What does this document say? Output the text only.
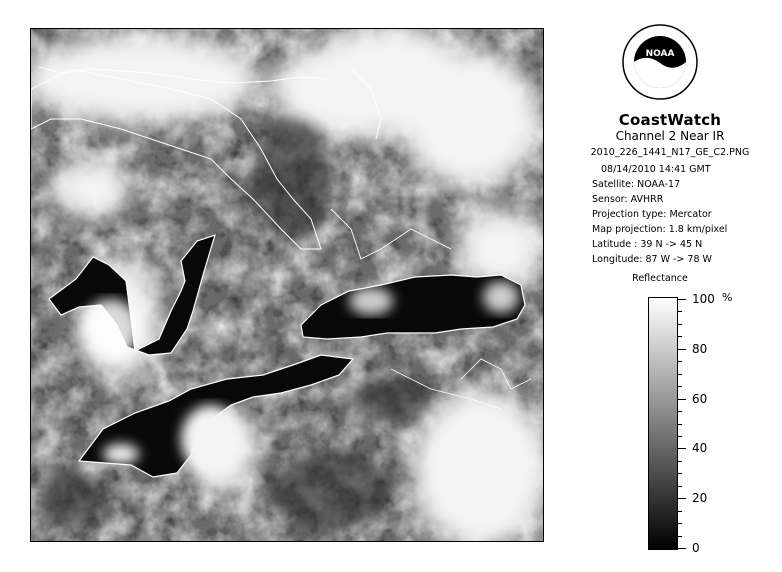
NOAA
CoastWatch
Channel 2 Near IR
2010_226_1441_N17_GE_C2.PNG
08/14/2010 14:41 GMT
Satellite: NOAA-17
Sensor: AVHRR
Projection type: Mercator
Map projection: 1.8 km/pixel
Latitude : 39 N -> 45 N
Longitude: 87 W -> 78 W
Reflectance
%
100
80
60
40
20
0
